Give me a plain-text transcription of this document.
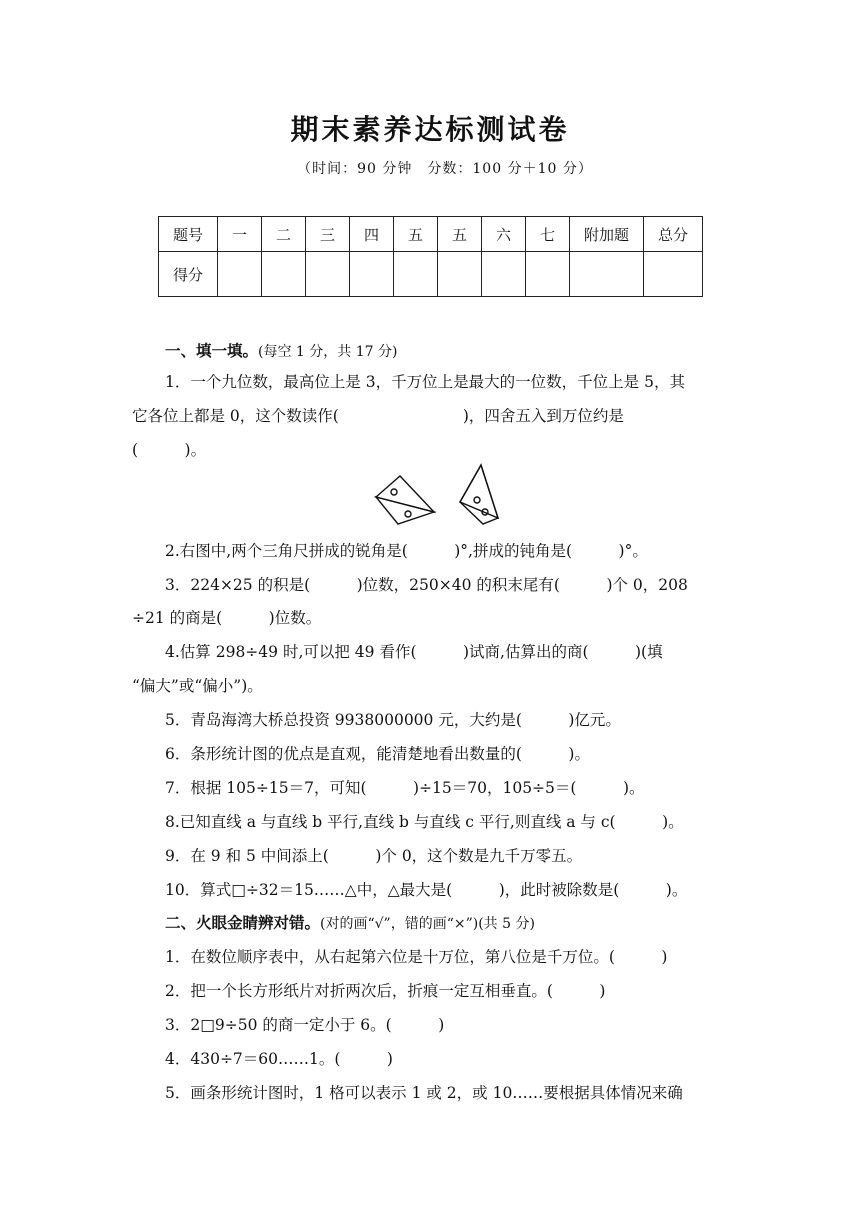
期末素养达标测试卷
（时间：90 分钟　分数：100 分＋10 分）
题号	一	二	三	四	五	五	六	七	附加题	总分
得分										
一、填一填。(每空 1 分，共 17 分)
1．一个九位数，最高位上是 3，千万位上是最大的一位数，千位上是 5，其
它各位上都是 0，这个数读作(　　　　　　　　)，四舍五入到万位约是
(　　　)。
2.右图中,两个三角尺拼成的锐角是(　　　)°,拼成的钝角是(　　　)°。
3．224×25 的积是(　　　)位数，250×40 的积末尾有(　　　)个 0，208
÷21 的商是(　　　)位数。
4.估算 298÷49 时,可以把 49 看作(　　　)试商,估算出的商(　　　)(填
“偏大”或“偏小”)。
5．青岛海湾大桥总投资 9938000000 元，大约是(　　　)亿元。
6．条形统计图的优点是直观，能清楚地看出数量的(　　　)。
7．根据 105÷15＝7，可知(　　　)÷15＝70，105÷5＝(　　　)。
8.已知直线 a 与直线 b 平行,直线 b 与直线 c 平行,则直线 a 与 c(　　　)。
9．在 9 和 5 中间添上(　　　)个 0，这个数是九千万零五。
10．算式□÷32＝15……△中，△最大是(　　　)，此时被除数是(　　　)。
二、火眼金睛辨对错。(对的画“√”，错的画“×”)(共 5 分)
1．在数位顺序表中，从右起第六位是十万位，第八位是千万位。(　　　)
2．把一个长方形纸片对折两次后，折痕一定互相垂直。(　　　)
3．2□9÷50 的商一定小于 6。(　　　)
4．430÷7＝60……1。(　　　)
5．画条形统计图时，1 格可以表示 1 或 2，或 10……要根据具体情况来确
